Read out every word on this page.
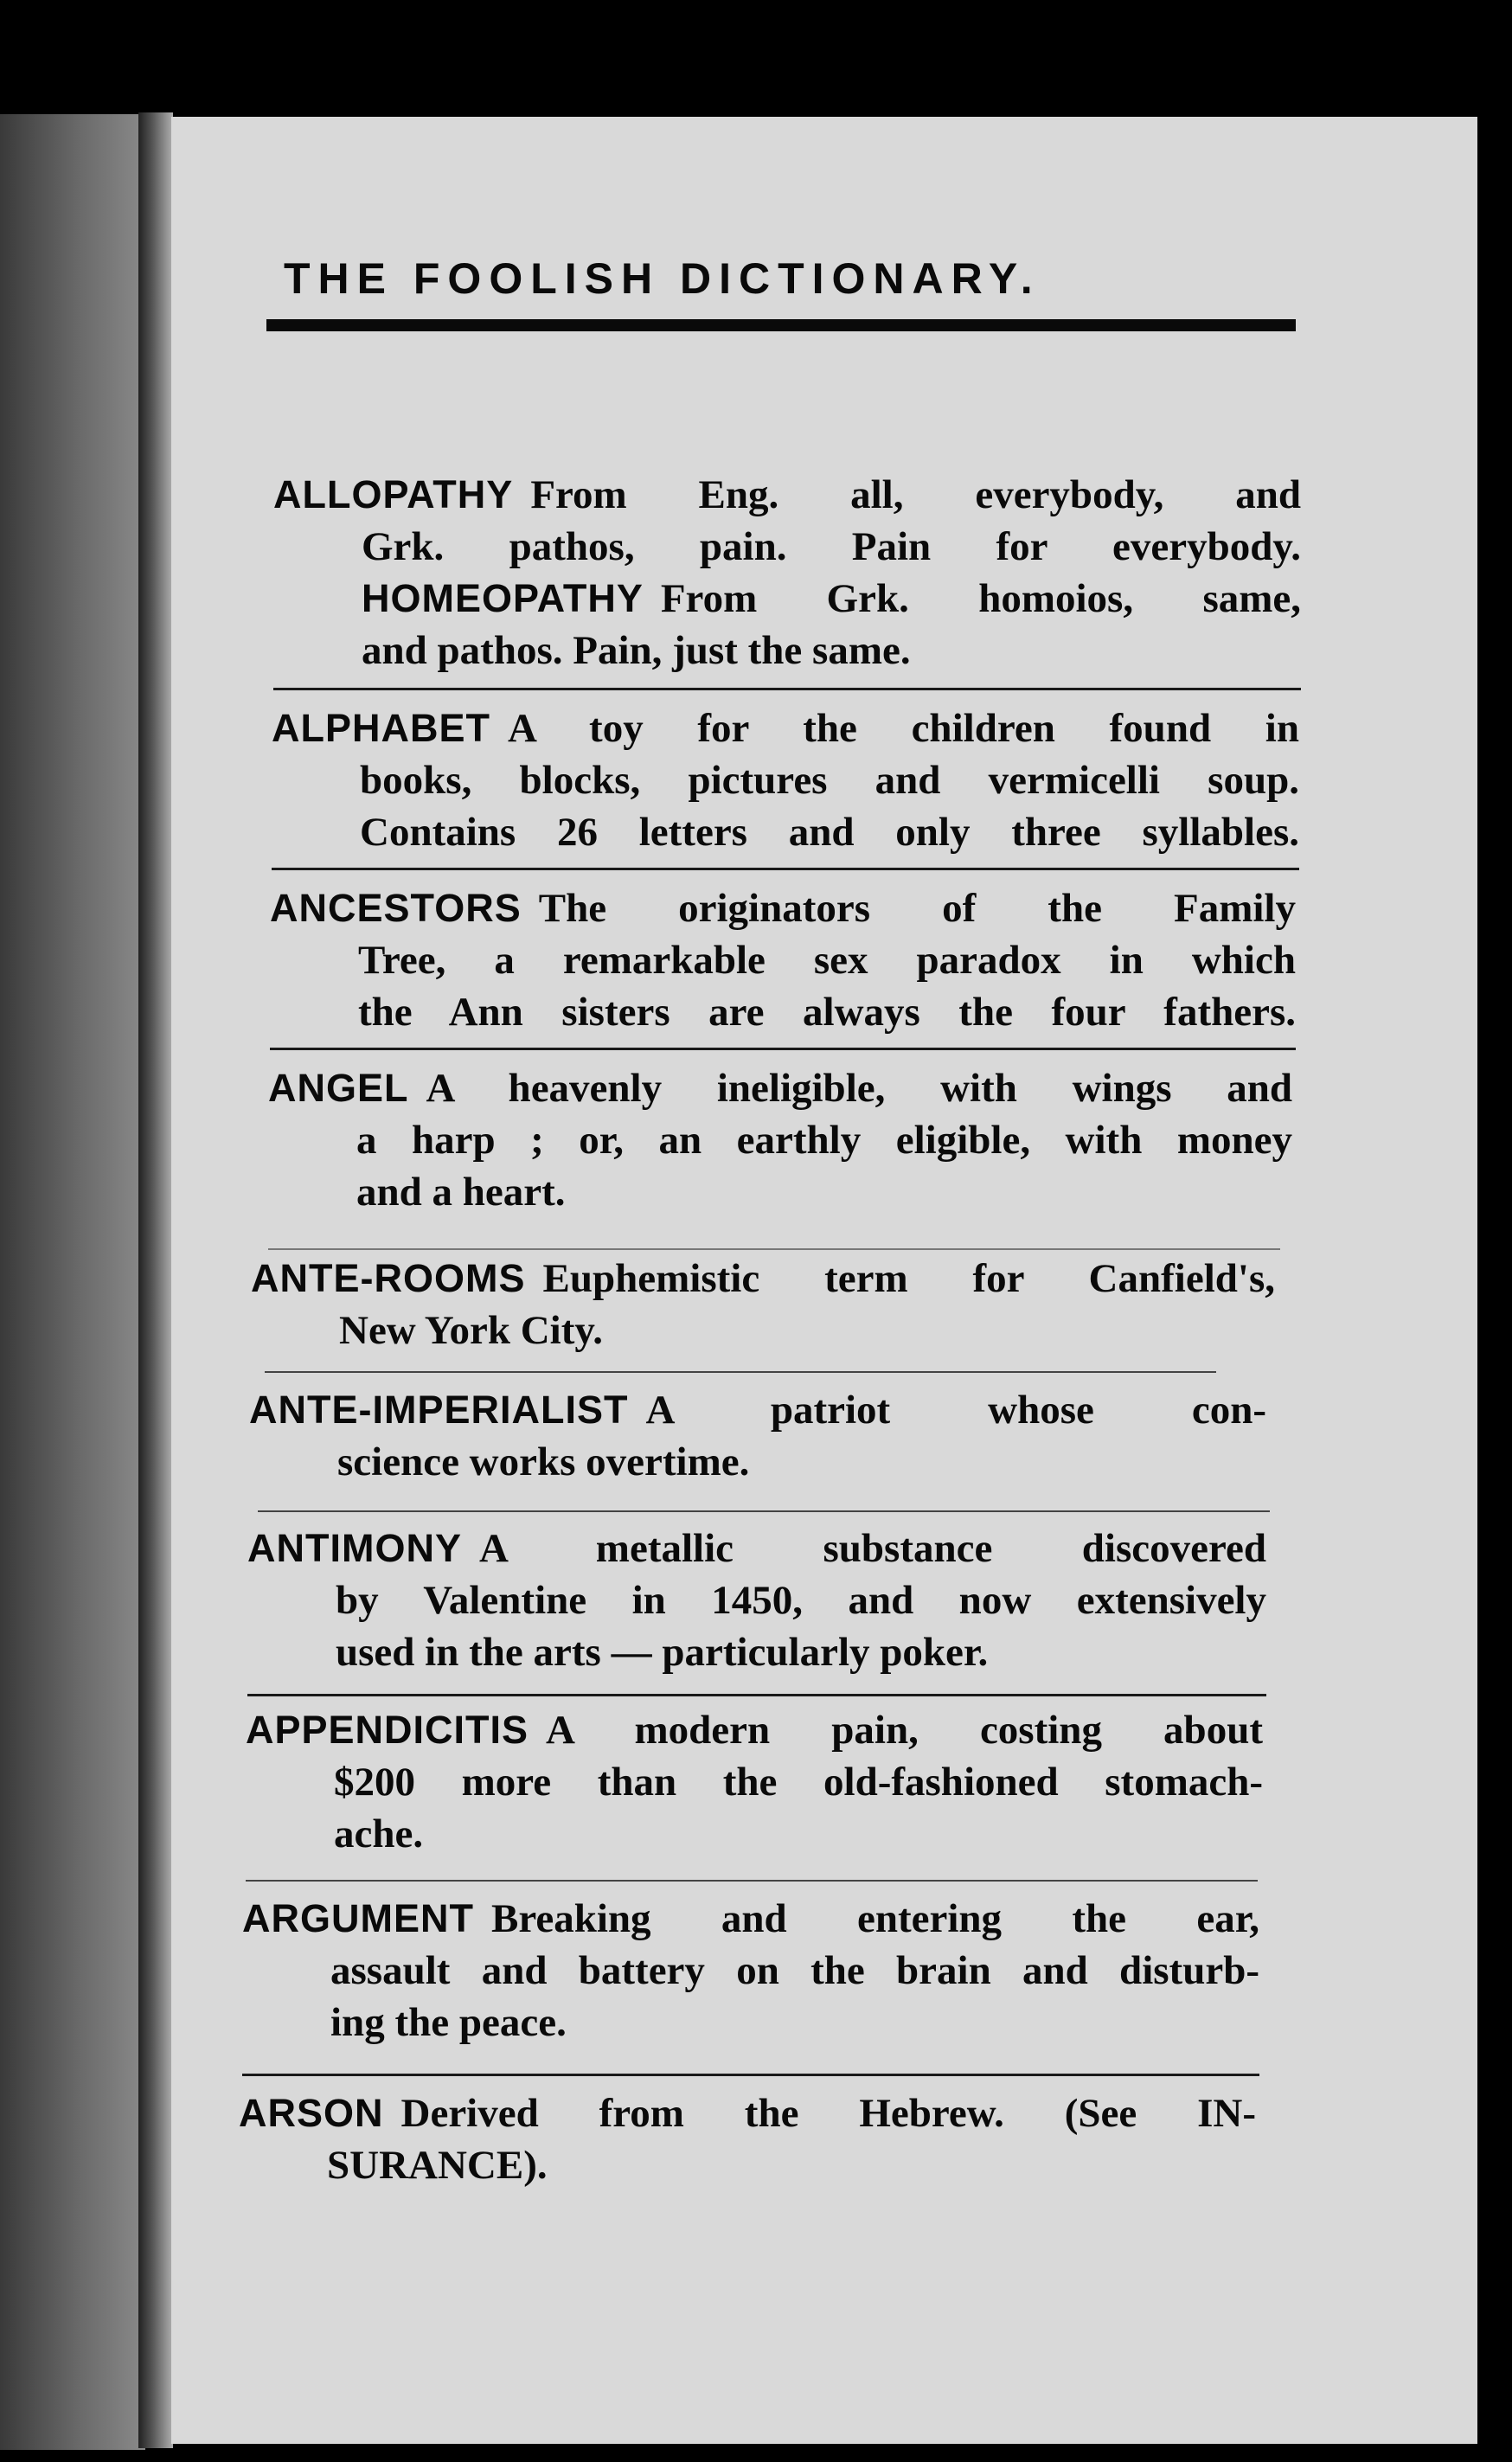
THE FOOLISH DICTIONARY.

ALLOPATHY From Eng. all, everybody, and

Grk. pathos, pain. Pain for everybody.

HOMEOPATHY From Grk. homoios, same,

and pathos. Pain, just the same.

ALPHABET A toy for the children found in

books, blocks, pictures and vermicelli soup.

Contains 26 letters and only three syllables.

ANCESTORS The originators of the Family

Tree, a remarkable sex paradox in which

the Ann sisters are always the four fathers.

ANGEL A heavenly ineligible, with wings and

a harp ; or, an earthly eligible, with money

and a heart.

ANTE-ROOMS Euphemistic term for Canfield's,

New York City.

ANTE-IMPERIALIST A patriot whose con-

science works overtime.

ANTIMONY A metallic substance discovered

by Valentine in 1450, and now extensively

used in the arts — particularly poker.

APPENDICITIS A modern pain, costing about

$200 more than the old-fashioned stomach-

ache.

ARGUMENT Breaking and entering the ear,

assault and battery on the brain and disturb-

ing the peace.

ARSON Derived from the Hebrew. (See IN-

SURANCE).
